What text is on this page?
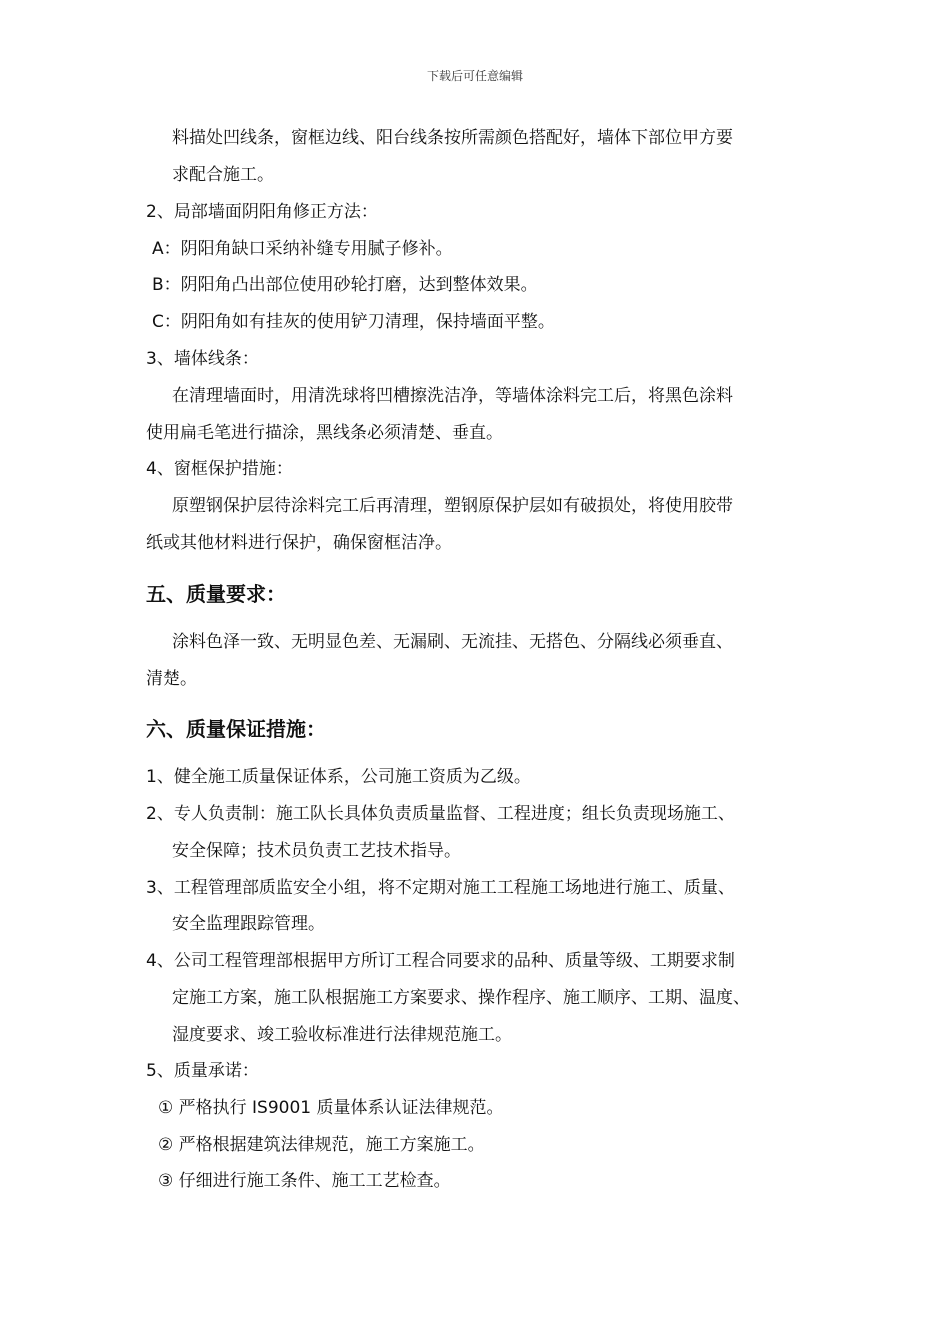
下载后可任意编辑
料描处凹线条，窗框边线、阳台线条按所需颜色搭配好，墙体下部位甲方要
求配合施工。
2、局部墙面阴阳角修正方法：
A：阴阳角缺口采纳补缝专用腻子修补。
B：阴阳角凸出部位使用砂轮打磨，达到整体效果。
C：阴阳角如有挂灰的使用铲刀清理，保持墙面平整。
3、墙体线条：
在清理墙面时，用清洗球将凹槽擦洗洁净，等墙体涂料完工后，将黑色涂料
使用扁毛笔进行描涂，黑线条必须清楚、垂直。
4、窗框保护措施：
原塑钢保护层待涂料完工后再清理，塑钢原保护层如有破损处，将使用胶带
纸或其他材料进行保护，确保窗框洁净。
五、质量要求：
涂料色泽一致、无明显色差、无漏刷、无流挂、无搭色、分隔线必须垂直、
清楚。
六、质量保证措施：
1、健全施工质量保证体系，公司施工资质为乙级。
2、专人负责制：施工队长具体负责质量监督、工程进度；组长负责现场施工、
安全保障；技术员负责工艺技术指导。
3、工程管理部质监安全小组，将不定期对施工工程施工场地进行施工、质量、
安全监理跟踪管理。
4、公司工程管理部根据甲方所订工程合同要求的品种、质量等级、工期要求制
定施工方案，施工队根据施工方案要求、操作程序、施工顺序、工期、温度、
湿度要求、竣工验收标准进行法律规范施工。
5、质量承诺：
① 严格执行 IS9001 质量体系认证法律规范。
② 严格根据建筑法律规范，施工方案施工。
③ 仔细进行施工条件、施工工艺检查。
